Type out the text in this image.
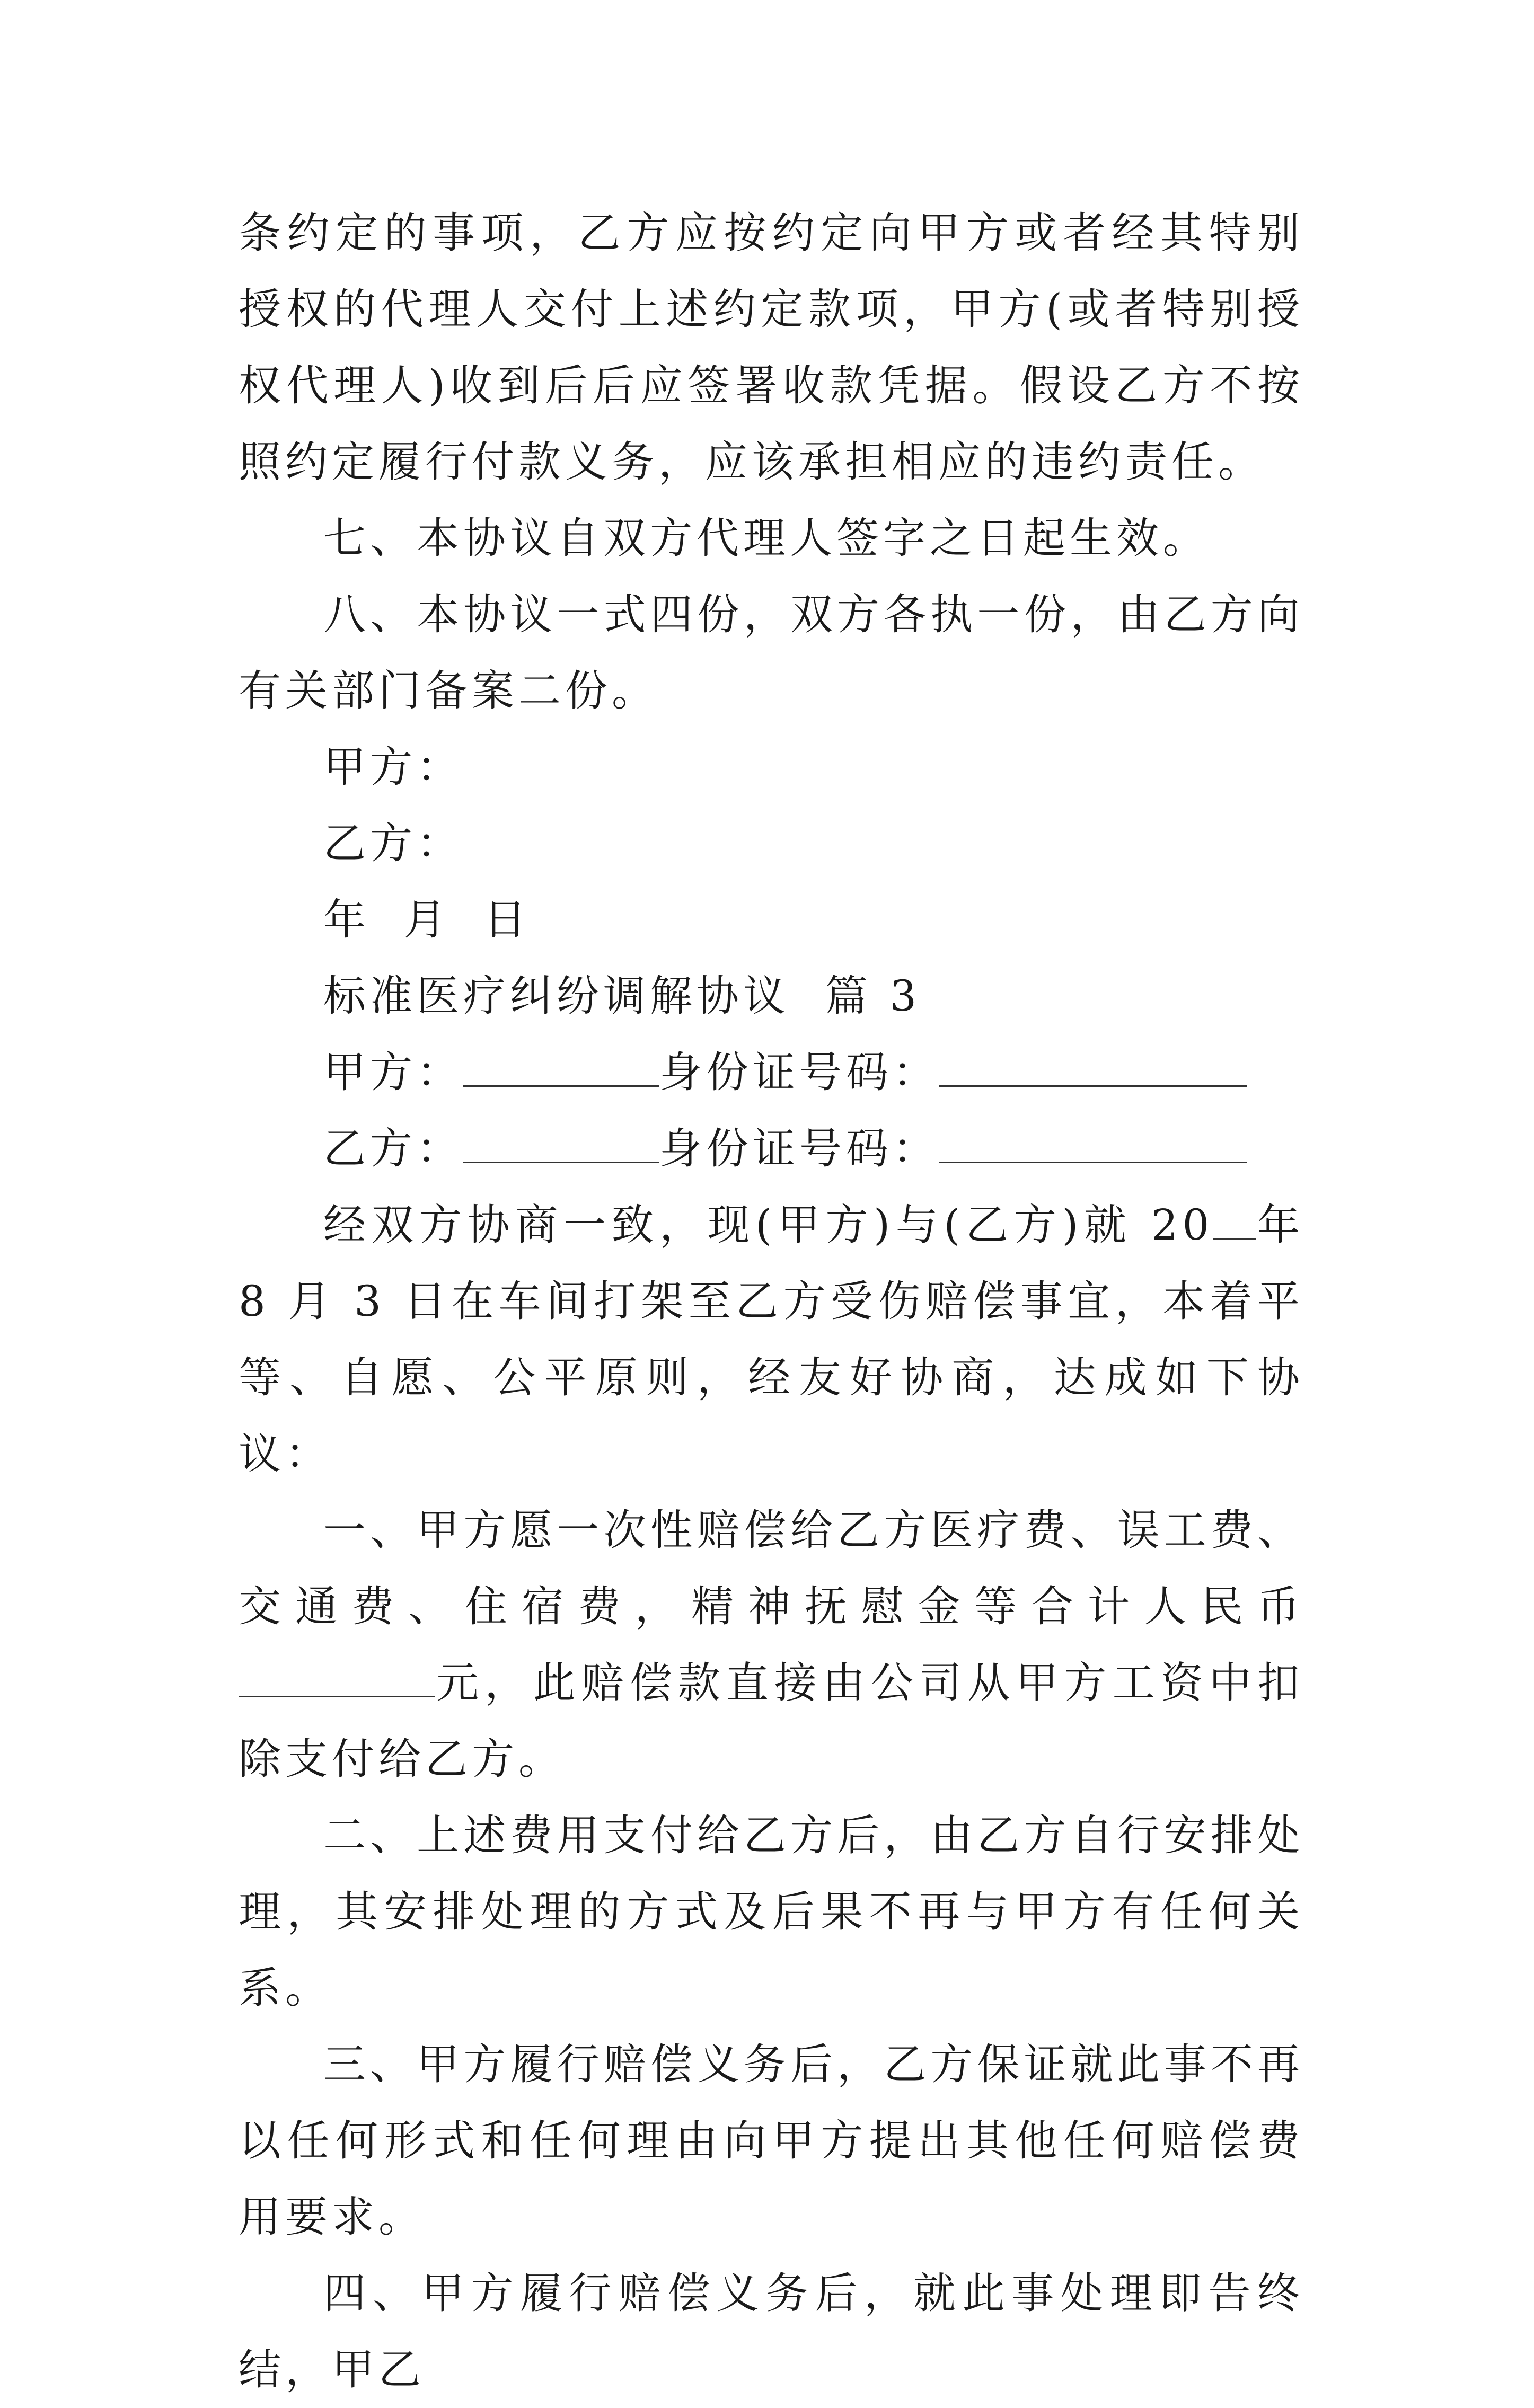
条约定的事项，乙方应按约定向甲方或者经其特别授权的代理人交付上述约定款项，甲方(或者特别授权代理人)收到后后应签署收款凭据。假设乙方不按照约定履行付款义务，应该承担相应的违约责任。

七、本协议自双方代理人签字之日起生效。

八、本协议一式四份，双方各执一份，由乙方向有关部门备案二份。

甲方：

乙方：

年 月 日

标准医疗纠纷调解协议  篇 3

甲方：	身份证号码：

乙方：	身份证号码：

经双方协商一致，现(甲方)与(乙方)就 20 年 8 月 3 日在车间打架至乙方受伤赔偿事宜，本着平等、自愿、公平原则，经友好协商，达成如下协议：

一、甲方愿一次性赔偿给乙方医疗费、误工费、交通费、住宿费，精神抚慰金等合计人民币元，此赔偿款直接由公司从甲方工资中扣除支付给乙方。

二、上述费用支付给乙方后，由乙方自行安排处理，其安排处理的方式及后果不再与甲方有任何关系。

三、甲方履行赔偿义务后，乙方保证就此事不再以任何形式和任何理由向甲方提出其他任何赔偿费用要求。

四、甲方履行赔偿义务后，就此事处理即告终结，甲乙
